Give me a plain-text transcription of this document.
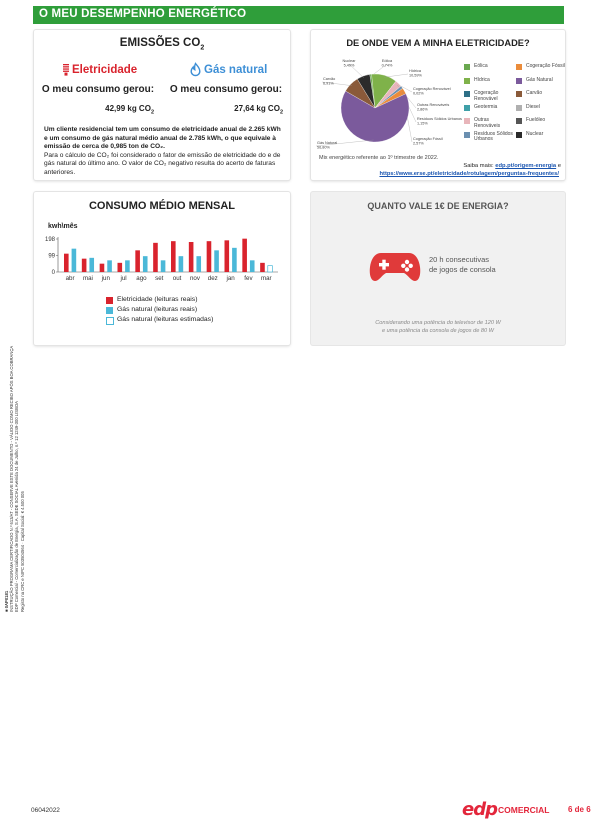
O MEU DESEMPENHO ENERGÉTICO
EMISSÕES $CO_2$
Eletricidade
O meu consumo gerou:
42,99 kg $CO_2$
Gás natural
O meu consumo gerou:
27,64 kg $CO_2$
Um cliente residencial tem um consumo de eletricidade anual de 2.265 kWh e um consumo de gás natural médio anual de 2.785 kWh, o que equivale à emissão de cerca de 0,985 ton de CO₂.
Para o cálculo de CO₂ foi considerado o fator de emissão de eletricidade do e de gás natural do último ano. O valor de CO₂ negativo resulta do acerto de faturas anteriores.
DE ONDE VEM A MINHA ELETRICIDADE?
Nuclear
5,49%
Eólica
0,74%
Hídrica
10,59%
Cogeração Renovável
0,02%
Outras Renováveis
2,86%
Resíduos Sólidos Urbanos
1,15%
Cogeração Fóssil
2,57%
Gás Natural
56,80%
Carvão
6,91%
Eólica	Cogeração Fóssil
Hídrica	Gás Natural
Cogeração Renovável
Carvão
Geotermia	Diesel
Outras Renováveis
Fuelóleo
Resíduos Sólidos Urbanos
Nuclear
Mix energético referente ao 1º trimestre de 2022.
Saiba mais: edp.pt/origem-energia e
https://www.erse.pt/eletricidade/rotulagem/perguntas-frequentes/
CONSUMO MÉDIO MENSAL
kwh\mês
198
99
0
abr mai jun jul ago set out nov dez jan fev mar
Eletricidade (leituras reais)
Gás natural (leituras reais)
Gás natural (leituras estimadas)
QUANTO VALE 1€ DE ENERGIA?
20 h consecutivas
de jogos de consola
Considerando uma potência do televisor de 120 W
e uma potência da consola de jogos de 80 W
■ 0AP0181 INSTRUÇÃO PROGRAMA CERTIFICADO N.º 613/AT - CONSERVE ESTE DOCUMENTO - VÁLIDO COMO RECIBO APÓS BOA COBRANÇA EDP Comercial - Comercialização de Energia, S.A. SEDE SOCIAL Avenida 24 de Julho, n.º 12 1249-300 LISBOA Registo na CRC e NIPC 503504564 · Capital Social: € 4.500 005
06042022	edp COMERCIAL 6 de 6
